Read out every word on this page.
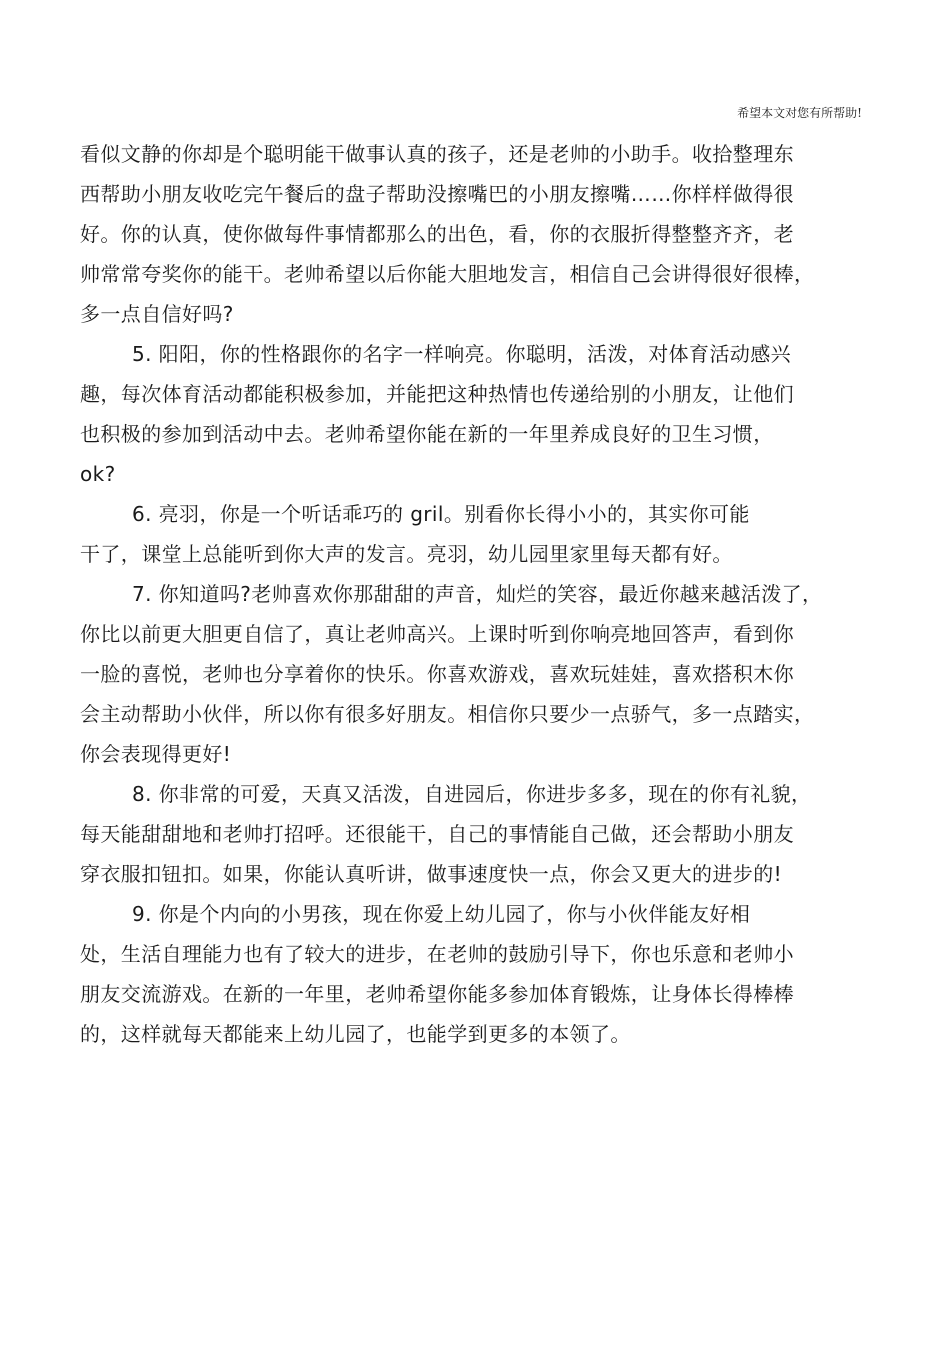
希望本文对您有所帮助!
看似文静的你却是个聪明能干做事认真的孩子，还是老帅的小助手。收拾整理东
西帮助小朋友收吃完午餐后的盘子帮助没擦嘴巴的小朋友擦嘴……你样样做得很
好。你的认真，使你做每件事情都那么的出色，看，你的衣服折得整整齐齐，老
帅常常夸奖你的能干。老帅希望以后你能大胆地发言，相信自己会讲得很好很棒，
多一点自信好吗?
5. 阳阳，你的性格跟你的名字一样响亮。你聪明，活泼，对体育活动感兴
趣，每次体育活动都能积极参加，并能把这种热情也传递给别的小朋友，让他们
也积极的参加到活动中去。老帅希望你能在新的一年里养成良好的卫生习惯，
ok?
6. 亮羽，你是一个听话乖巧的 gril。别看你长得小小的，其实你可能
干了，课堂上总能听到你大声的发言。亮羽，幼儿园里家里每天都有好。
7. 你知道吗?老帅喜欢你那甜甜的声音，灿烂的笑容，最近你越来越活泼了，
你比以前更大胆更自信了，真让老帅高兴。上课时听到你响亮地回答声，看到你
一脸的喜悦，老帅也分享着你的快乐。你喜欢游戏，喜欢玩娃娃，喜欢搭积木你
会主动帮助小伙伴，所以你有很多好朋友。相信你只要少一点骄气，多一点踏实，
你会表现得更好!
8. 你非常的可爱，天真又活泼，自进园后，你进步多多，现在的你有礼貌，
每天能甜甜地和老帅打招呼。还很能干，自己的事情能自己做，还会帮助小朋友
穿衣服扣钮扣。如果，你能认真听讲，做事速度快一点，你会又更大的进步的!
9. 你是个内向的小男孩，现在你爱上幼儿园了，你与小伙伴能友好相
处，生活自理能力也有了较大的进步，在老帅的鼓励引导下，你也乐意和老帅小
朋友交流游戏。在新的一年里，老帅希望你能多参加体育锻炼，让身体长得棒棒
的，这样就每天都能来上幼儿园了，也能学到更多的本领了。
